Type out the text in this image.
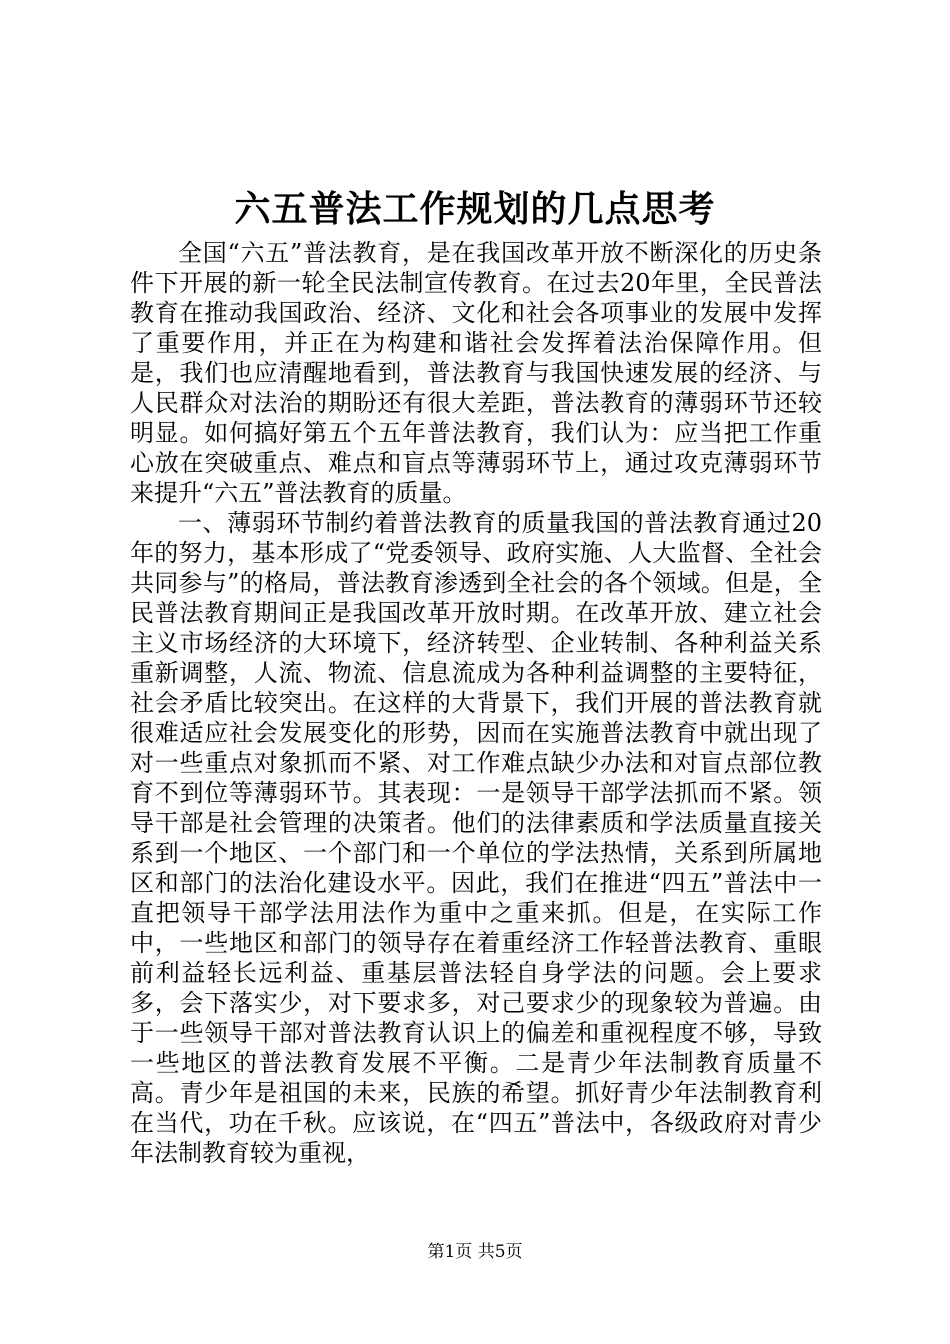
六五普法工作规划的几点思考

全国“六五”普法教育，是在我国改革开放不断深化的历史条件下开展的新一轮全民法制宣传教育。在过去20年里，全民普法教育在推动我国政治、经济、文化和社会各项事业的发展中发挥了重要作用，并正在为构建和谐社会发挥着法治保障作用。但是，我们也应清醒地看到，普法教育与我国快速发展的经济、与人民群众对法治的期盼还有很大差距，普法教育的薄弱环节还较明显。如何搞好第五个五年普法教育，我们认为：应当把工作重心放在突破重点、难点和盲点等薄弱环节上，通过攻克薄弱环节来提升“六五”普法教育的质量。

一、薄弱环节制约着普法教育的质量我国的普法教育通过20年的努力，基本形成了“党委领导、政府实施、人大监督、全社会共同参与”的格局，普法教育渗透到全社会的各个领域。但是，全民普法教育期间正是我国改革开放时期。在改革开放、建立社会主义市场经济的大环境下，经济转型、企业转制、各种利益关系重新调整，人流、物流、信息流成为各种利益调整的主要特征，社会矛盾比较突出。在这样的大背景下，我们开展的普法教育就很难适应社会发展变化的形势，因而在实施普法教育中就出现了对一些重点对象抓而不紧、对工作难点缺少办法和对盲点部位教育不到位等薄弱环节。其表现：一是领导干部学法抓而不紧。领导干部是社会管理的决策者。他们的法律素质和学法质量直接关系到一个地区、一个部门和一个单位的学法热情，关系到所属地区和部门的法治化建设水平。因此，我们在推进“四五”普法中一直把领导干部学法用法作为重中之重来抓。但是，在实际工作中，一些地区和部门的领导存在着重经济工作轻普法教育、重眼前利益轻长远利益、重基层普法轻自身学法的问题。会上要求多，会下落实少，对下要求多，对己要求少的现象较为普遍。由于一些领导干部对普法教育认识上的偏差和重视程度不够，导致一些地区的普法教育发展不平衡。二是青少年法制教育质量不高。青少年是祖国的未来，民族的希望。抓好青少年法制教育利在当代，功在千秋。应该说，在“四五”普法中，各级政府对青少年法制教育较为重视，

第1页 共5页
